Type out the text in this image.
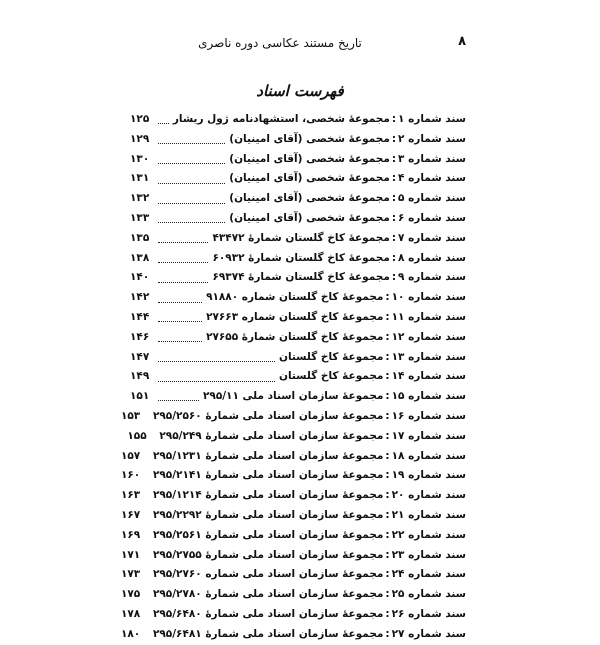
۸
تاریخ مستند عکاسی دوره ناصری
فهرست اسناد
سند شماره ۱
:
مجموعهٔ شخصی، استشهادنامه ژول ریشار
۱۲۵
سند شماره ۲
:
مجموعهٔ شخصی (آقای امینیان)
۱۲۹
سند شماره ۳
:
مجموعهٔ شخصی (آقای امینیان)
۱۳۰
سند شماره ۴
:
مجموعهٔ شخصی (آقای امینیان)
۱۳۱
سند شماره ۵
:
مجموعهٔ شخصی (آقای امینیان)
۱۳۲
سند شماره ۶
:
مجموعهٔ شخصی (آقای امینیان)
۱۳۳
سند شماره ۷
:
مجموعهٔ کاخ گلستان شمارهٔ ۴۳۴۷۲
۱۳۵
سند شماره ۸
:
مجموعهٔ کاخ گلستان شمارهٔ ۶۰۹۳۲
۱۳۸
سند شماره ۹
:
مجموعهٔ کاخ گلستان شمارهٔ ۶۹۳۷۴
۱۴۰
سند شماره ۱۰
:
مجموعهٔ کاخ گلستان شماره ۹۱۸۸۰
۱۴۲
سند شماره ۱۱
:
مجموعهٔ کاخ گلستان شماره ۲۷۶۶۳
۱۴۴
سند شماره ۱۲
:
مجموعهٔ کاخ گلستان شمارهٔ ۲۷۶۵۵
۱۴۶
سند شماره ۱۳
:
مجموعهٔ کاخ گلستان
۱۴۷
سند شماره ۱۴
:
مجموعهٔ کاخ گلستان
۱۴۹
سند شماره ۱۵
:
مجموعهٔ سازمان اسناد ملی ۲۹۵/۱۱
۱۵۱
سند شماره ۱۶
:
مجموعهٔ سازمان اسناد ملی شمارهٔ ۲۹۵/۲۵۶۰
۱۵۳
سند شماره ۱۷
:
مجموعهٔ سازمان اسناد ملی شمارهٔ ۲۹۵/۲۴۹
۱۵۵
سند شماره ۱۸
:
مجموعهٔ سازمان اسناد ملی شمارهٔ ۲۹۵/۱۲۳۱
۱۵۷
سند شماره ۱۹
:
مجموعهٔ سازمان اسناد ملی شمارهٔ ۲۹۵/۲۱۴۱
۱۶۰
سند شماره ۲۰
:
مجموعهٔ سازمان اسناد ملی شمارهٔ ۲۹۵/۱۲۱۴
۱۶۳
سند شماره ۲۱
:
مجموعهٔ سازمان اسناد ملی شمارهٔ ۲۹۵/۲۲۹۲
۱۶۷
سند شماره ۲۲
:
مجموعهٔ سازمان اسناد ملی شمارهٔ ۲۹۵/۲۵۶۱
۱۶۹
سند شماره ۲۳
:
مجموعهٔ سازمان اسناد ملی شمارهٔ ۲۹۵/۲۷۵۵
۱۷۱
سند شماره ۲۴
:
مجموعهٔ سازمان اسناد ملی شماره ۲۹۵/۲۷۶۰
۱۷۳
سند شماره ۲۵
:
مجموعهٔ سازمان اسناد ملی شمارهٔ ۲۹۵/۲۷۸۰
۱۷۵
سند شماره ۲۶
:
مجموعهٔ سازمان اسناد ملی شمارهٔ ۲۹۵/۶۴۸۰
۱۷۸
سند شماره ۲۷
:
مجموعهٔ سازمان اسناد ملی شمارهٔ ۲۹۵/۶۴۸۱
۱۸۰
